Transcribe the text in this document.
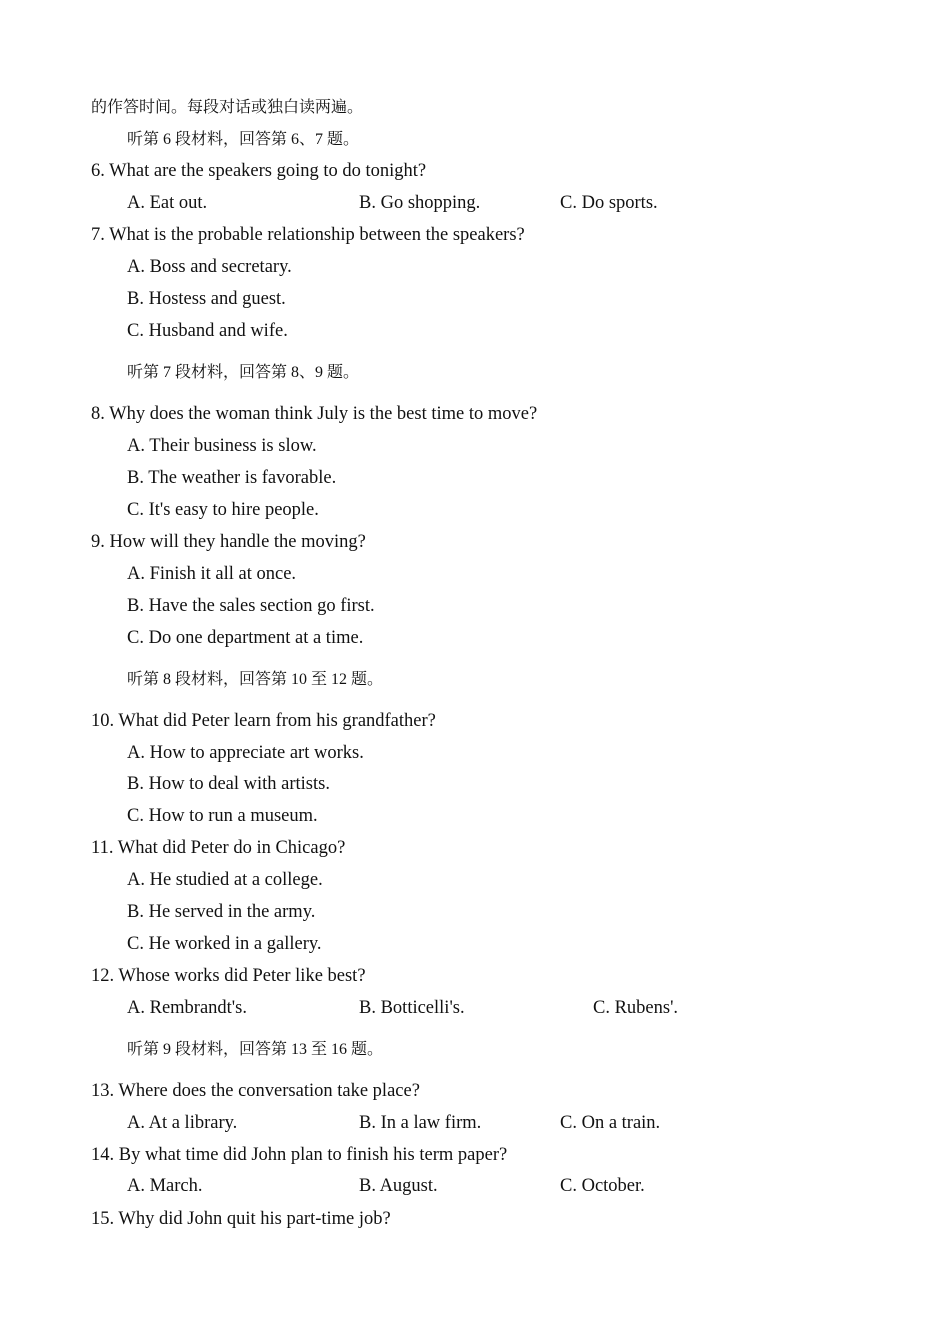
的作答时间。每段对话或独白读两遍。
听第 6 段材料，回答第 6、7 题。
6. What are the speakers going to do tonight?
A. Eat out.	B. Go shopping.	C. Do sports.
7. What is the probable relationship between the speakers?
A. Boss and secretary.
B. Hostess and guest.
C. Husband and wife.
听第 7 段材料，回答第 8、9 题。
8. Why does the woman think July is the best time to move?
A. Their business is slow.
B. The weather is favorable.
C. It's easy to hire people.
9. How will they handle the moving?
A. Finish it all at once.
B. Have the sales section go first.
C. Do one department at a time.
听第 8 段材料，回答第 10 至 12 题。
10. What did Peter learn from his grandfather?
A. How to appreciate art works.
B. How to deal with artists.
C. How to run a museum.
11. What did Peter do in Chicago?
A. He studied at a college.
B. He served in the army.
C. He worked in a gallery.
12. Whose works did Peter like best?
A. Rembrandt's.	B. Botticelli's.	C. Rubens'.
听第 9 段材料，回答第 13 至 16 题。
13. Where does the conversation take place?
A. At a library.	B. In a law firm.	C. On a train.
14. By what time did John plan to finish his term paper?
A. March.	B. August.	C. October.
15. Why did John quit his part-time job?
